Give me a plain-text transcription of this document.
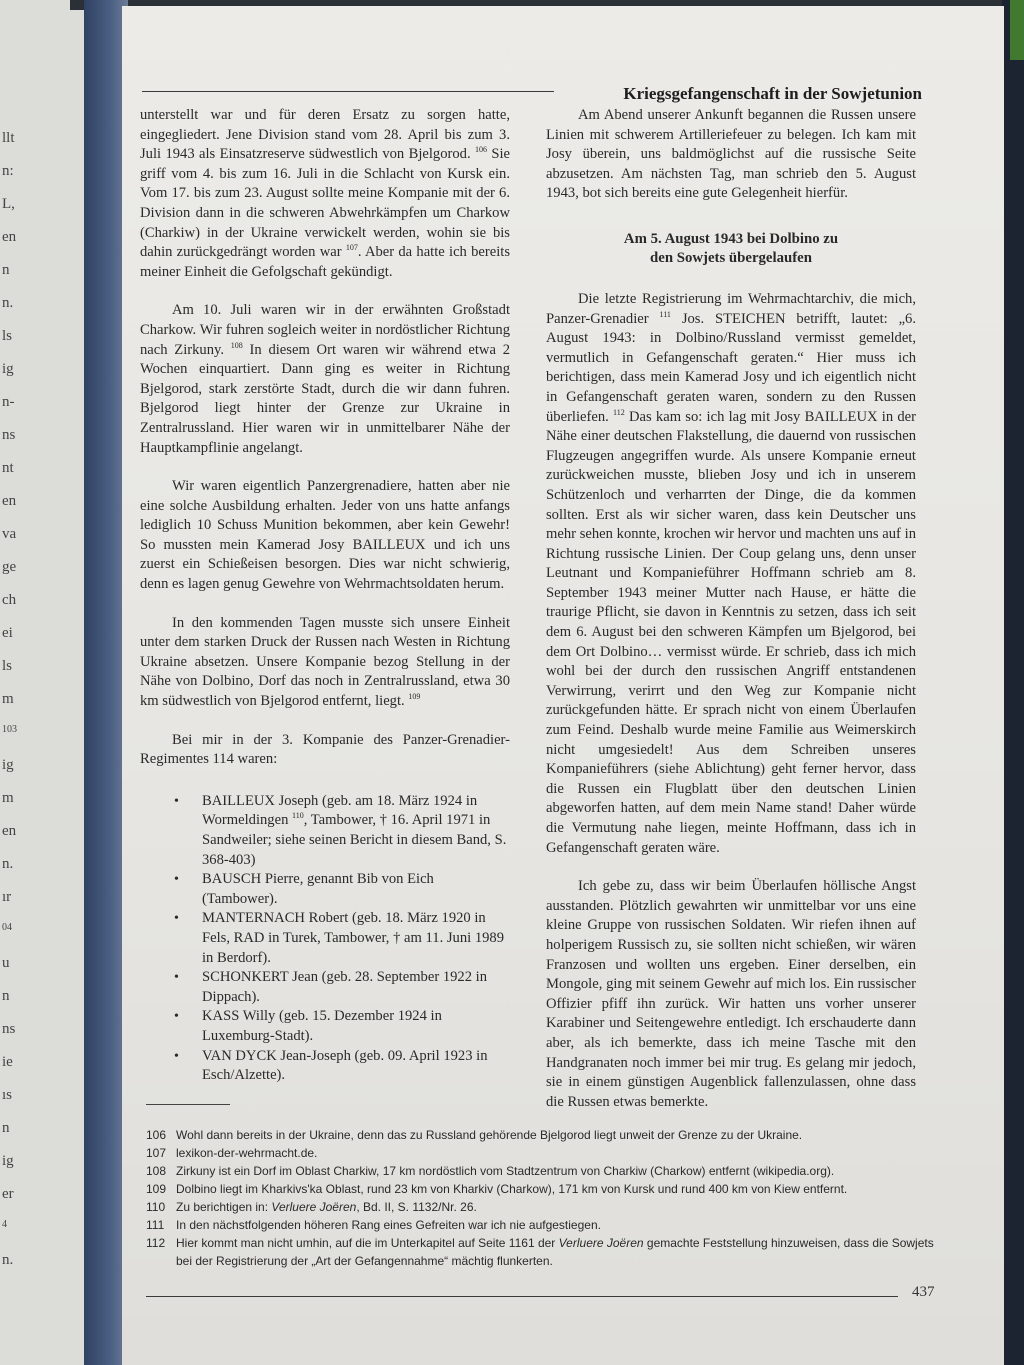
llt
n:
L,
en
n
n.
ls
ig
n-
ns
nt
en
va
ge
ch
ei
ls
m
103
ig
m
en
n.
ır
04
u
n
ns
ie
ıs
n
ig
er
4
n.
Kriegsgefangenschaft in der Sowjetunion

unterstellt war und für deren Ersatz zu sorgen hatte, eingegliedert. Jene Division stand vom 28. April bis zum 3. Juli 1943 als Einsatzreserve südwestlich von Bjelgorod. $^{106}$ Sie griff vom 4. bis zum 16. Juli in die Schlacht von Kursk ein. Vom 17. bis zum 23. August sollte meine Kompanie mit der 6. Division dann in die schweren Abwehrkämpfen um Charkow (Charkiw) in der Ukraine verwickelt werden, wohin sie bis dahin zurückgedrängt worden war $^{107}$. Aber da hatte ich bereits meiner Einheit die Gefolgschaft gekündigt.

Am 10. Juli waren wir in der erwähnten Großstadt Charkow. Wir fuhren sogleich weiter in nordöstlicher Richtung nach Zirkuny. $^{108}$ In diesem Ort waren wir während etwa 2 Wochen einquartiert. Dann ging es weiter in Richtung Bjelgorod, stark zerstörte Stadt, durch die wir dann fuhren. Bjelgorod liegt hinter der Grenze zur Ukraine in Zentralrussland. Hier waren wir in unmittelbarer Nähe der Hauptkampflinie angelangt.

Wir waren eigentlich Panzergrenadiere, hatten aber nie eine solche Ausbildung erhalten. Jeder von uns hatte anfangs lediglich 10 Schuss Munition bekommen, aber kein Gewehr! So mussten mein Kamerad Josy BAILLEUX und ich uns zuerst ein Schießeisen besorgen. Dies war nicht schwierig, denn es lagen genug Gewehre von Wehrmachtsoldaten herum.

In den kommenden Tagen musste sich unsere Einheit unter dem starken Druck der Russen nach Westen in Richtung Ukraine absetzen. Unsere Kompanie bezog Stellung in der Nähe von Dolbino, Dorf das noch in Zentralrussland, etwa 30 km südwestlich von Bjelgorod entfernt, liegt. $^{109}$

Bei mir in der 3. Kompanie des Panzer-Grenadier-Regimentes 114 waren:

• BAILLEUX Joseph (geb. am 18. März 1924 in Wormeldingen $^{110}$, Tambower, † 16. April 1971 in Sandweiler; siehe seinen Bericht in diesem Band, S. 368-403)
• BAUSCH Pierre, genannt Bib von Eich (Tambower).
• MANTERNACH Robert (geb. 18. März 1920 in Fels, RAD in Turek, Tambower, † am 11. Juni 1989 in Berdorf).
• SCHONKERT Jean (geb. 28. September 1922 in Dippach).
• KASS Willy (geb. 15. Dezember 1924 in Luxemburg-Stadt).
• VAN DYCK Jean-Joseph (geb. 09. April 1923 in Esch/Alzette).

Am Abend unserer Ankunft begannen die Russen unsere Linien mit schwerem Artilleriefeuer zu belegen. Ich kam mit Josy überein, uns baldmöglichst auf die russische Seite abzusetzen. Am nächsten Tag, man schrieb den 5. August 1943, bot sich bereits eine gute Gelegenheit hierfür.

Am 5. August 1943 bei Dolbino zu
den Sowjets übergelaufen

Die letzte Registrierung im Wehrmachtarchiv, die mich, Panzer-Grenadier $^{111}$ Jos. STEICHEN betrifft, lautet: „6. August 1943: in Dolbino/Russland vermisst gemeldet, vermutlich in Gefangenschaft geraten.“ Hier muss ich berichtigen, dass mein Kamerad Josy und ich eigentlich nicht in Gefangenschaft geraten waren, sondern zu den Russen überliefen. $^{112}$ Das kam so: ich lag mit Josy BAILLEUX in der Nähe einer deutschen Flakstellung, die dauernd von russischen Flugzeugen angegriffen wurde. Als unsere Kompanie erneut zurückweichen musste, blieben Josy und ich in unserem Schützenloch und verharrten der Dinge, die da kommen sollten. Erst als wir sicher waren, dass kein Deutscher uns mehr sehen konnte, krochen wir hervor und machten uns auf in Richtung russische Linien. Der Coup gelang uns, denn unser Leutnant und Kompanieführer Hoffmann schrieb am 8. September 1943 meiner Mutter nach Hause, er hätte die traurige Pflicht, sie davon in Kenntnis zu setzen, dass ich seit dem 6. August bei den schweren Kämpfen um Bjelgorod, bei dem Ort Dolbino… vermisst würde. Er schrieb, dass ich mich wohl bei der durch den russischen Angriff entstandenen Verwirrung, verirrt und den Weg zur Kompanie nicht zurückgefunden hätte. Er sprach nicht von einem Überlaufen zum Feind. Deshalb wurde meine Familie aus Weimerskirch nicht umgesiedelt! Aus dem Schreiben unseres Kompanieführers (siehe Ablichtung) geht ferner hervor, dass die Russen ein Flugblatt über den deutschen Linien abgeworfen hatten, auf dem mein Name stand! Daher würde die Vermutung nahe liegen, meinte Hoffmann, dass ich in Gefangenschaft geraten wäre.

Ich gebe zu, dass wir beim Überlaufen höllische Angst ausstanden. Plötzlich gewahrten wir unmittelbar vor uns eine kleine Gruppe von russischen Soldaten. Wir riefen ihnen auf holperigem Russisch zu, sie sollten nicht schießen, wir wären Franzosen und wollten uns ergeben. Einer derselben, ein Mongole, ging mit seinem Gewehr auf mich los. Ein russischer Offizier pfiff ihn zurück. Wir hatten uns vorher unserer Karabiner und Seitengewehre entledigt. Ich erschauderte dann aber, als ich bemerkte, dass ich meine Tasche mit den Handgranaten noch immer bei mir trug. Es gelang mir jedoch, sie in einem günstigen Augenblick fallenzulassen, ohne dass die Russen etwas bemerkte.

106 Wohl dann bereits in der Ukraine, denn das zu Russland gehörende Bjelgorod liegt unweit der Grenze zu der Ukraine.
107 lexikon-der-wehrmacht.de.
108 Zirkuny ist ein Dorf im Oblast Charkiw, 17 km nordöstlich vom Stadtzentrum von Charkiw (Charkow) entfernt (wikipedia.org).
109 Dolbino liegt im Kharkivs'ka Oblast, rund 23 km von Kharkiv (Charkow), 171 km von Kursk und rund 400 km von Kiew entfernt.
110 Zu berichtigen in: Verluere Joëren, Bd. II, S. 1132/Nr. 26.
111 In den nächstfolgenden höheren Rang eines Gefreiten war ich nie aufgestiegen.
112 Hier kommt man nicht umhin, auf die im Unterkapitel auf Seite 1161 der Verluere Joëren gemachte Feststellung hinzuweisen, dass die Sowjets bei der Registrierung der „Art der Gefangennahme“ mächtig flunkerten.
437
